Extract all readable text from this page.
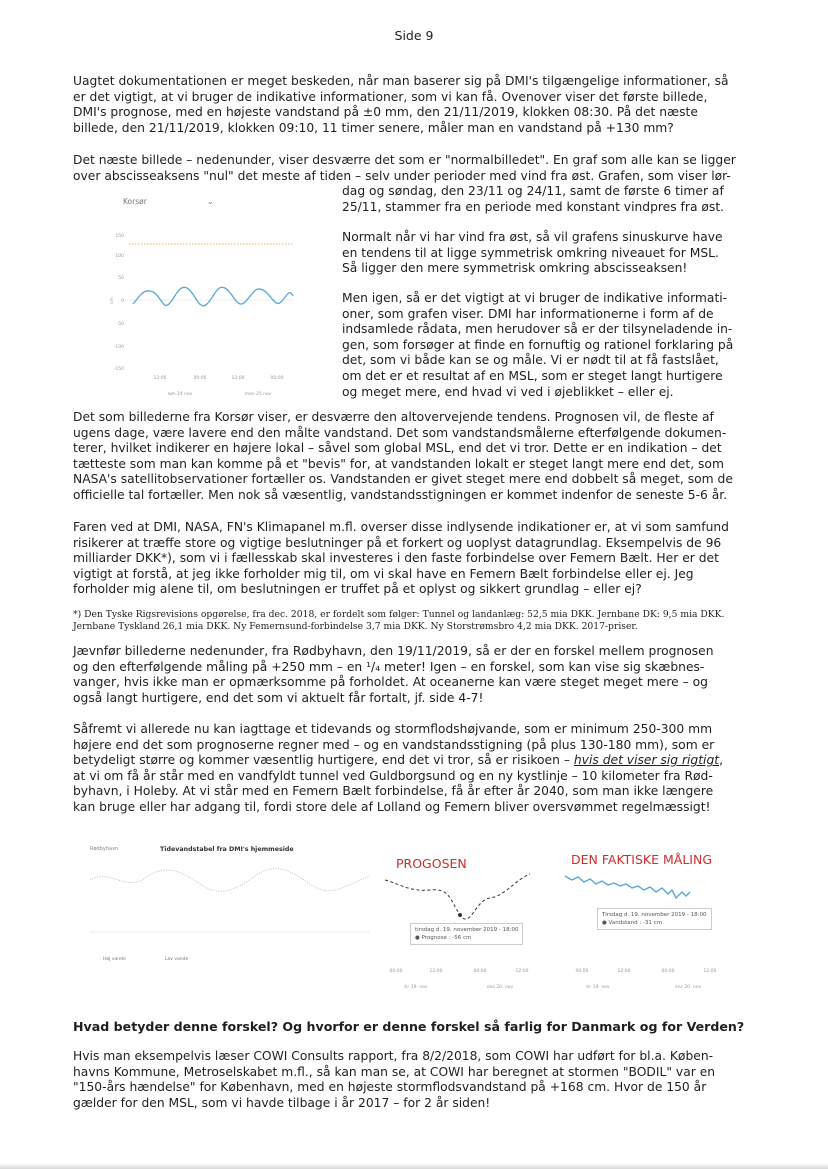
Side 9
Uagtet dokumentationen er meget beskeden, når man baserer sig på DMI's tilgængelige informationer, så
er det vigtigt, at vi bruger de indikative informationer, som vi kan få. Ovenover viser det første billede,
DMI's prognose, med en højeste vandstand på ±0 mm, den 21/11/2019, klokken 08:30. På det næste
billede, den 21/11/2019, klokken 09:10, 11 timer senere, måler man en vandstand på +130 mm?
Det næste billede – nedenunder, viser desværre det som er "normalbilledet". En graf som alle kan se ligger
over abscisseaksens "nul" det meste af tiden – selv under perioder med vind fra øst. Grafen, som viser lør-
dag og søndag, den 23/11 og 24/11, samt de første 6 timer af
25/11, stammer fra en periode med konstant vindpres fra øst.
Normalt når vi har vind fra øst, så vil grafens sinuskurve have
en tendens til at ligge symmetrisk omkring niveauet for MSL.
Så ligger den mere symmetrisk omkring abscisseaksen!
Men igen, så er det vigtigt at vi bruger de indikative informati-
oner, som grafen viser. DMI har informationerne i form af de
indsamlede rådata, men herudover så er der tilsyneladende in-
gen, som forsøger at finde en fornuftig og rationel forklaring på
det, som vi både kan se og måle. Vi er nødt til at få fastslået,
om det er et resultat af en MSL, som er steget langt hurtigere
og meget mere, end hvad vi ved i øjeblikket – eller ej.
Korsør	⌄
150
100
50
0
-50
-100
-150
cm
12:00	00:00	12:00	00:00
søn 24 nov	man 25 nov
Det som billederne fra Korsør viser, er desværre den altovervejende tendens. Prognosen vil, de fleste af
ugens dage, være lavere end den målte vandstand. Det som vandstandsmålerne efterfølgende dokumen-
terer, hvilket indikerer en højere lokal – såvel som global MSL, end det vi tror. Dette er en indikation – det
tætteste som man kan komme på et "bevis" for, at vandstanden lokalt er steget langt mere end det, som
NASA's satellitobservationer fortæller os. Vandstanden er givet steget mere end dobbelt så meget, som de
officielle tal fortæller. Men nok så væsentlig, vandstandsstigningen er kommet indenfor de seneste 5-6 år.
Faren ved at DMI, NASA, FN's Klimapanel m.fl. overser disse indlysende indikationer er, at vi som samfund
risikerer at træffe store og vigtige beslutninger på et forkert og uoplyst datagrundlag. Eksempelvis de 96
milliarder DKK*), som vi i fællesskab skal investeres i den faste forbindelse over Femern Bælt. Her er det
vigtigt at forstå, at jeg ikke forholder mig til, om vi skal have en Femern Bælt forbindelse eller ej. Jeg
forholder mig alene til, om beslutningen er truffet på et oplyst og sikkert grundlag – eller ej?
*) Den Tyske Rigsrevisions opgørelse, fra dec. 2018, er fordelt som følger: Tunnel og landanlæg: 52,5 mia DKK. Jernbane DK: 9,5 mia DKK.
Jernbane Tyskland 26,1 mia DKK. Ny Femernsund-forbindelse 3,7 mia DKK. Ny Storstrømsbro 4,2 mia DKK. 2017-priser.
Jævnfør billederne nedenunder, fra Rødbyhavn, den 19/11/2019, så er der en forskel mellem prognosen
og den efterfølgende måling på +250 mm – en ¹/₄ meter! Igen – en forskel, som kan vise sig skæbnes-
vanger, hvis ikke man er opmærksomme på forholdet. At oceanerne kan være steget meget mere – og
også langt hurtigere, end det som vi aktuelt får fortalt, jf. side 4-7!
Såfremt vi allerede nu kan iagttage et tidevands og stormflodshøjvande, som er minimum 250-300 mm
højere end det som prognoserne regner med – og en vandstandsstigning (på plus 130-180 mm), som er
betydeligt større og kommer væsentlig hurtigere, end det vi tror, så er risikoen – hvis det viser sig rigtigt,
at vi om få år står med en vandfyldt tunnel ved Guldborgsund og en ny kystlinje – 10 kilometer fra Rød-
byhavn, i Holeby. At vi står med en Femern Bælt forbindelse, få år efter år 2040, som man ikke længere
kan bruge eller har adgang til, fordi store dele af Lolland og Femern bliver oversvømmet regelmæssigt!
Rødbyhavn	Tidevandstabel fra DMI's hjemmeside
Høj vande	Lav vande
PROGOSEN	DEN FAKTISKE MÅLING
00:00	12:00	00:00	12:00
tir 19. nov	ons 20. nov
tirsdag d. 19. november 2019 - 18:00
● Prognose : -56 cm
00:00	12:00	00:00	12:00
tir 19. nov	ons 20. nov
Tirsdag d. 19. november 2019 - 18:00
● Vandstand : -31 cm
Hvad betyder denne forskel? Og hvorfor er denne forskel så farlig for Danmark og for Verden?
Hvis man eksempelvis læser COWI Consults rapport, fra 8/2/2018, som COWI har udført for bl.a. Køben-
havns Kommune, Metroselskabet m.fl., så kan man se, at COWI har beregnet at stormen "BODIL" var en
"150-års hændelse" for København, med en højeste stormflodsvandstand på +168 cm. Hvor de 150 år
gælder for den MSL, som vi havde tilbage i år 2017 – for 2 år siden!
